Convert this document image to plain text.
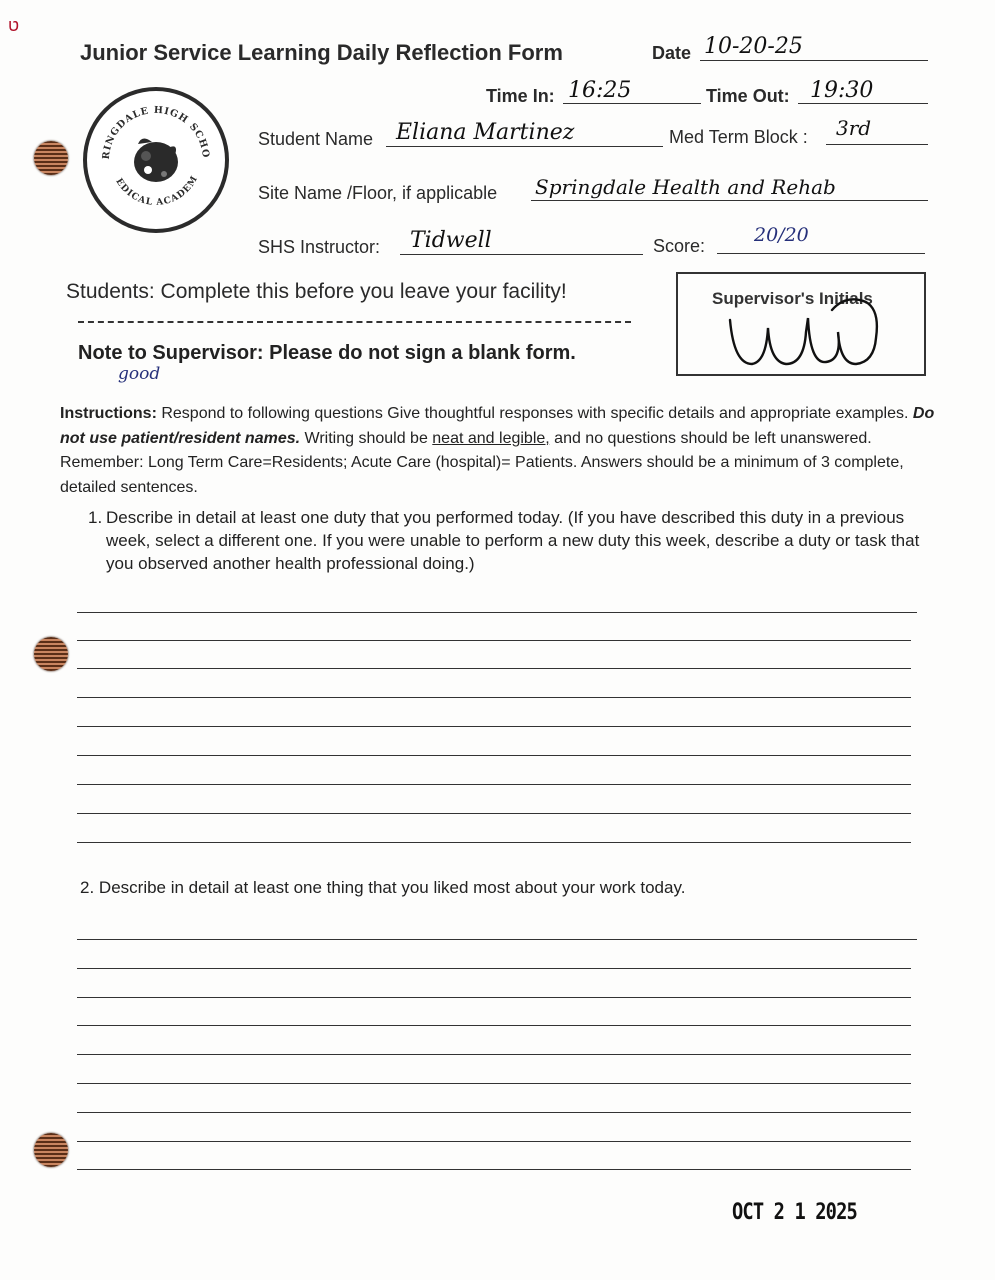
ט
Junior Service Learning Daily Reflection Form	Date 10-20-25
RINGDALE HIGH SCHO
EDICAL ACADEM
Time In: 16:25	Time Out: 19:30
Student Name Eliana Martinez	Med Term Block : 3rd
Site Name /Floor, if applicable Springdale Health and Rehab
SHS Instructor: Tidwell	Score:	20/20
Students: Complete this before you leave your facility!
Note to Supervisor: Please do not sign a blank form.
good
Supervisor's Initials
Instructions: Respond to following questions Give thoughtful responses with specific details and appropriate examples. Do not use patient/resident names. Writing should be neat and legible, and no questions should be left unanswered. Remember: Long Term Care=Residents; Acute Care (hospital)= Patients. Answers should be a minimum of 3 complete, detailed sentences.
1. Describe in detail at least one duty that you performed today. (If you have described this duty in a previous week, select a different one. If you were unable to perform a new duty this week, describe a duty or task that you observed another health professional doing.)
2. Describe in detail at least one thing that you liked most about your work today.
OCT 2 1 2025
